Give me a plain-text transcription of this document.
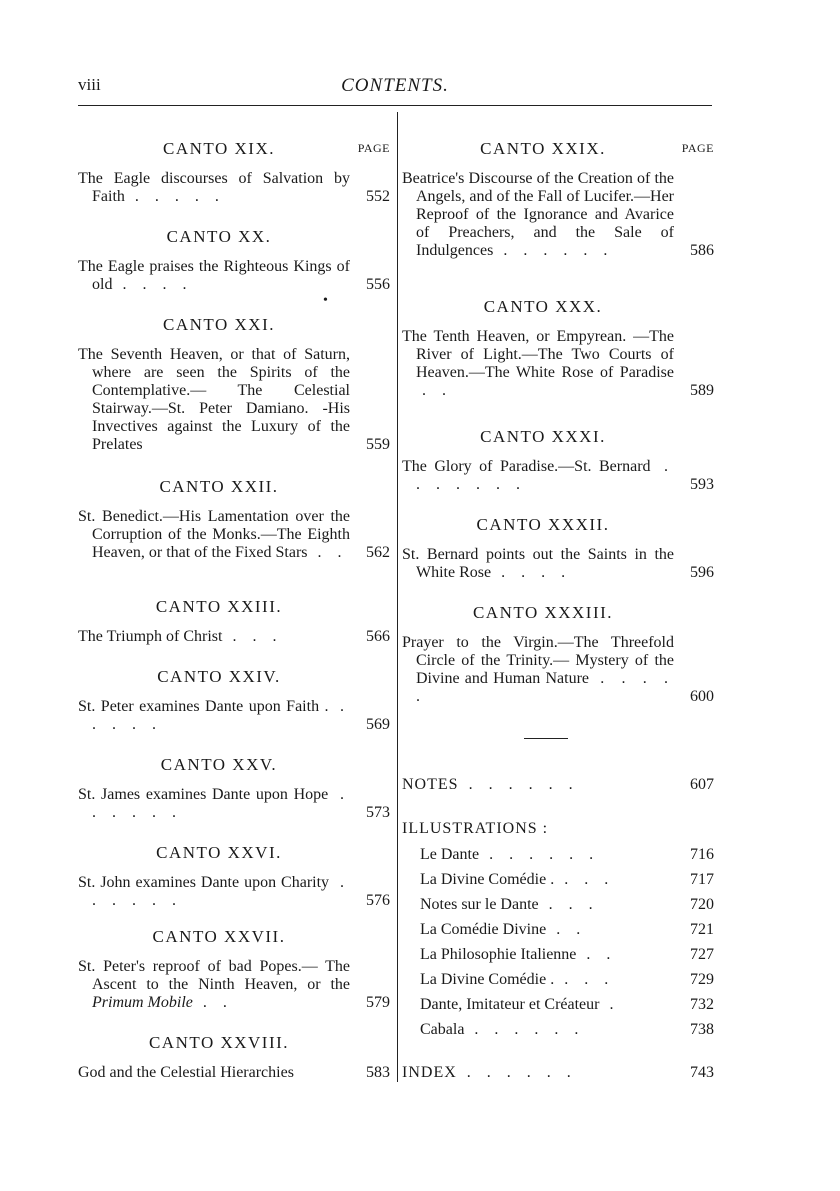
viii	CONTENTS.
PAGE
CANTO XIX.
The Eagle discourses of Salvation by Faith . . . . .	552
CANTO XX.
The Eagle praises the Righteous Kings of old . . . .	556
CANTO XXI.
The Seventh Heaven, or that of Saturn, where are seen the Spirits of the Contemplative.— The Celestial Stairway.—St. Peter Damiano. -His Invectives against the Luxury of the Prelates	559
CANTO XXII.
St. Benedict.—His Lamentation over the Corruption of the Monks.—The Eighth Heaven, or that of the Fixed Stars . .	562
CANTO XXIII.
The Triumph of Christ . . .	566
CANTO XXIV.
St. Peter examines Dante upon Faith . . . . . .	569
CANTO XXV.
St. James examines Dante upon Hope . . . . . .	573
CANTO XXVI.
St. John examines Dante upon Charity . . . . . .	576
CANTO XXVII.
St. Peter's reproof of bad Popes.— The Ascent to the Ninth Heaven, or the Primum Mobile . .	579
CANTO XXVIII.
God and the Celestial Hierarchies	583
•
PAGE
CANTO XXIX.
Beatrice's Discourse of the Creation of the Angels, and of the Fall of Lucifer.—Her Reproof of the Ignorance and Avarice of Preachers, and the Sale of Indulgences . . . . . .	586
CANTO XXX.
The Tenth Heaven, or Empyrean. —The River of Light.—The Two Courts of Heaven.—The White Rose of Paradise . .	589
CANTO XXXI.
The Glory of Paradise.—St. Bernard . . . . . . .	593
CANTO XXXII.
St. Bernard points out the Saints in the White Rose . . . .	596
CANTO XXXIII.
Prayer to the Virgin.—The Threefold Circle of the Trinity.— Mystery of the Divine and Human Nature . . . . .	600
NOTES . . . . . .	607
ILLUSTRATIONS :
Le Dante . . . . . .	716
La Divine Comédie . . . .	717
Notes sur le Dante . . .	720
La Comédie Divine . .	721
La Philosophie Italienne . .	727
La Divine Comédie . . . .	729
Dante, Imitateur et Créateur .	732
Cabala . . . . . .	738
INDEX . . . . . .	743
